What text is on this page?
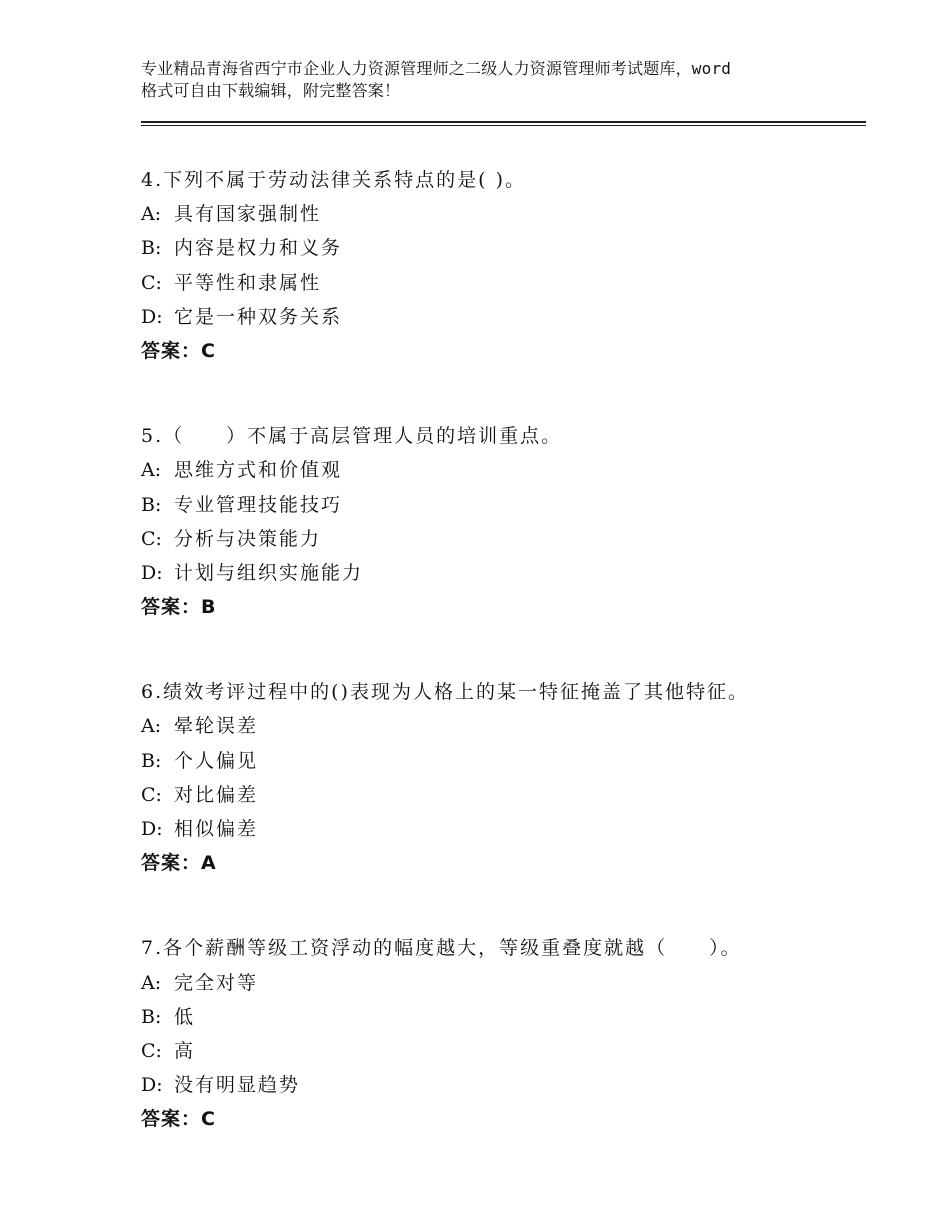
专业精品青海省西宁市企业人力资源管理师之二级人力资源管理师考试题库，word
格式可自由下载编辑，附完整答案！
4.下列不属于劳动法律关系特点的是( )。
A: 具有国家强制性
B: 内容是权力和义务
C: 平等性和隶属性
D: 它是一种双务关系
答案：C
5.（　　）不属于高层管理人员的培训重点。
A: 思维方式和价值观
B: 专业管理技能技巧
C: 分析与决策能力
D: 计划与组织实施能力
答案：B
6.绩效考评过程中的()表现为人格上的某一特征掩盖了其他特征。
A: 晕轮误差
B: 个人偏见
C: 对比偏差
D: 相似偏差
答案：A
7.各个薪酬等级工资浮动的幅度越大，等级重叠度就越（　　）。
A: 完全对等
B: 低
C: 高
D: 没有明显趋势
答案：C
